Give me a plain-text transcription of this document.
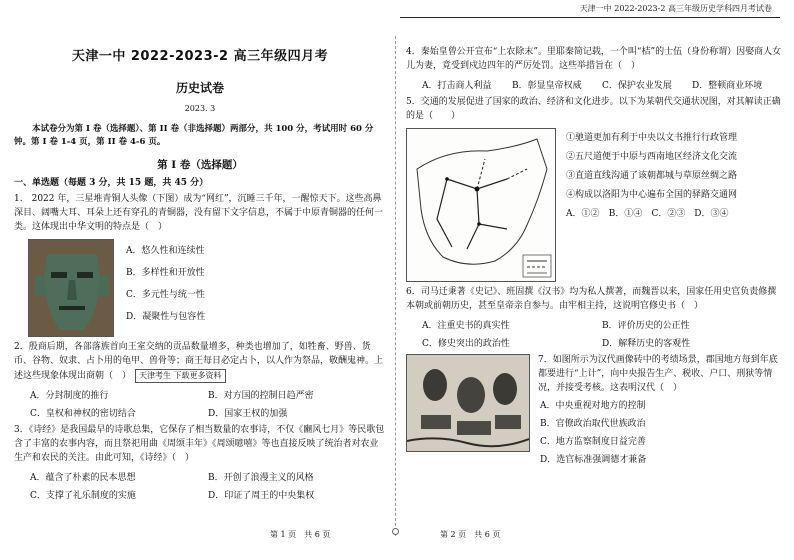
天津一中 2022-2023-2 高三年级历史学科四月考试卷
天津一中 2022-2023-2 高三年级四月考
历史试卷
2023. 3
本试卷分为第 I 卷（选择题）、第 II 卷（非选择题）两部分，共 100 分，考试用时 60 分钟。第 I 卷 1-4 页，第 II 卷 4-6 页。
第 I 卷（选择题）
一、单选题（每题 3 分，共 15 题，共 45 分）

1.　2022 年，三星堆青铜人头像（下图）成为“网红”，沉睡三千年，一醒惊天下。这些高鼻深目、阔嘴大耳、耳朵上还有穿孔的青铜器，没有留下文字信息，不属于中原青铜器的任何一类。这体现出中华文明的特点是（　）

A．悠久性和连续性
B．多样性和开放性
C．多元性与统一性
D．凝聚性与包容性

2．殷商后期，各部落族首向王室交纳的贡品数量增多，种类也增加了，如牲畜、野兽、货币、谷物、奴隶、占卜用的龟甲、兽骨等；商王每日必定占卜，以人作为祭品，敬酬鬼神。上述这些现象体现出商朝（　） 天津考生 下载更多资料

A．分封制度的推行	B．对方国的控制日趋严密
C．皇权和神权的密切结合	D．国家王权的加强

3．《诗经》是我国最早的诗歌总集，它保存了相当数量的农事诗，不仅《豳风七月》等民歌包含了丰富的农事内容，而且祭祀用曲《周颂丰年》《周颂噫嘻》等也直接反映了统治者对农业生产和农民的关注。由此可知，《诗经》（　）

A．蕴含了朴素的民本思想	B．开创了浪漫主义的风格
C．支撑了礼乐制度的实施	D．印证了周王的中央集权

4．秦始皇曾公开宣布“上农除末”。里耶秦简记载，一个叫“桔”的士伍（身份称谓）因娶商人女儿为妻，竟受到戍边四年的严厉处罚。这些举措旨在（　）

A．打击商人利益	B．彰显皇帝权威	C．保护农业发展	D．整顿商业环境

5．交通的发展促进了国家的政治、经济和文化进步。以下为某朝代交通状况图，对其解读正确的是（　　）

①驰道更加有利于中央以文书推行行政管理
②五尺道便于中原与西南地区经济文化交流
③直道直线沟通了该朝都城与草原丝绸之路
④构成以洛阳为中心遍布全国的驿路交通网
A．①②	B．①④	C．②③ D．③④

6．司马迁秉著《史记》、班固撰《汉书》均为私人撰著，而魏晋以来，国家任用史官负责修撰本朝或前朝历史，甚至皇帝亲自参与。由牢相主持，这说明官修史书（　）

A．注重史书的真实性	B．评价历史的公正性
C．修史突出的政治性	D．解释历史的客观性

7．如图所示为汉代画像砖中的考绩场景，郡国地方每到年底都要进行“上计”，向中央报告生产、税收、户口、刑狱等情况，并接受考核。这表明汉代（　）

A．中央重视对地方的控制
B．官僚政治取代世族政治
C．地方监察制度日益完善
D．选官标准强调德才兼备
第 1 页　共 6 页	第 2 页　共 6 页
